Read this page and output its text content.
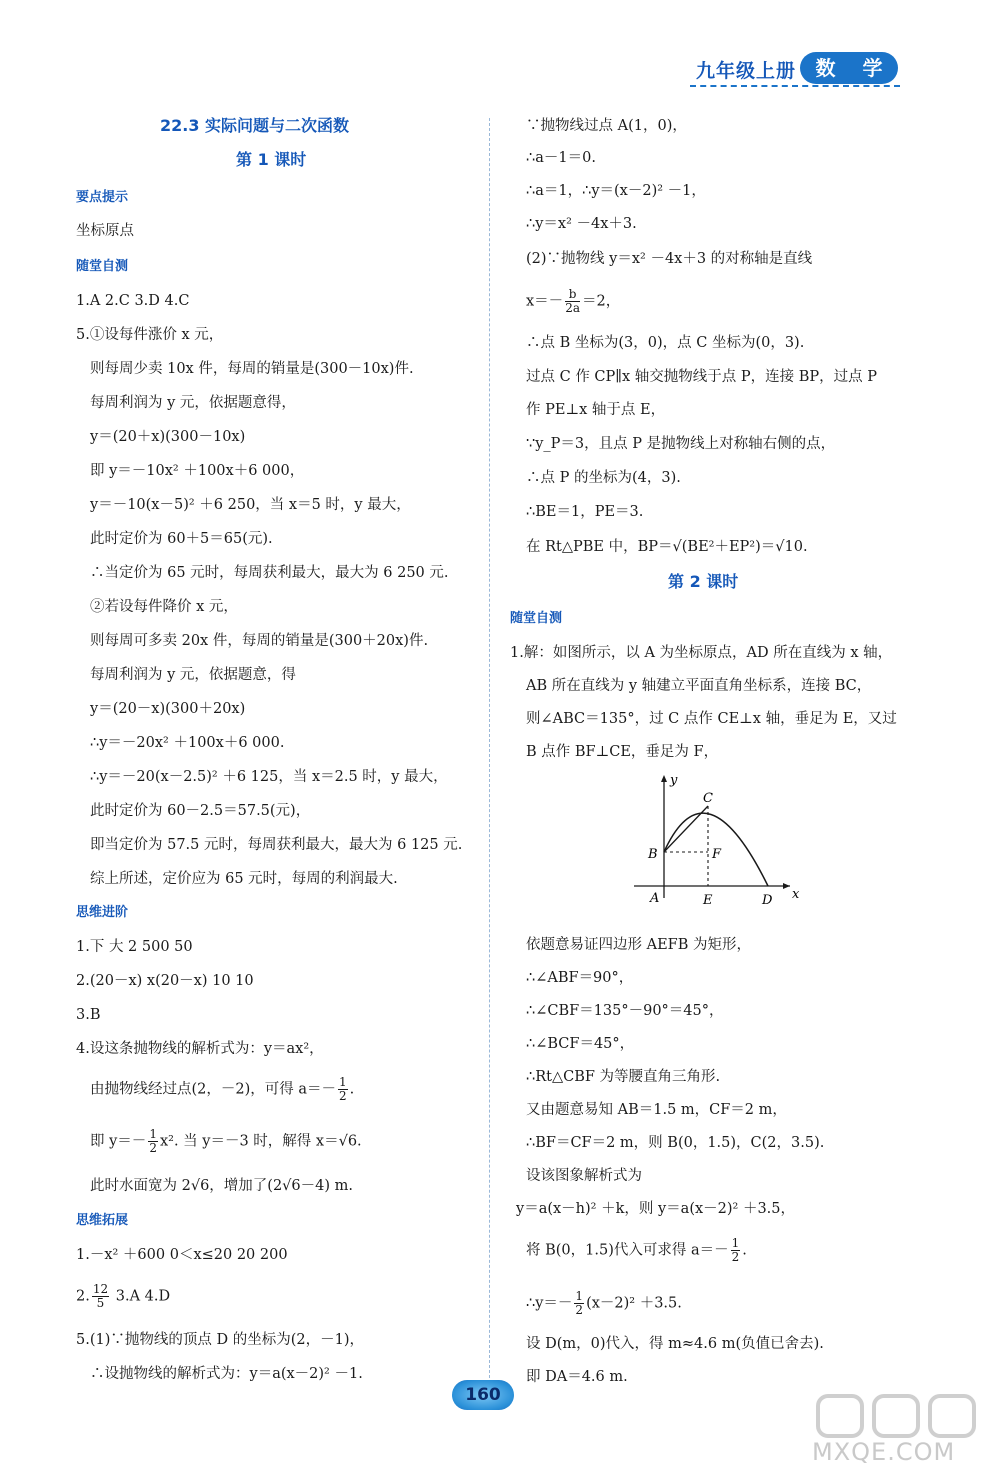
九年级上册 数 学
22.3 实际问题与二次函数
第 1 课时
要点提示
坐标原点
随堂自测
1.A 2.C 3.D 4.C
5.①设每件涨价 x 元，
则每周少卖 10x 件，每周的销量是(300－10x)件.
每周利润为 y 元，依据题意得，
y＝(20＋x)(300－10x)
即 y＝－10x² ＋100x＋6 000，
y＝－10(x－5)² ＋6 250，当 x＝5 时，y 最大，
此时定价为 60＋5＝65(元).
∴当定价为 65 元时，每周获利最大，最大为 6 250 元.
②若设每件降价 x 元，
则每周可多卖 20x 件，每周的销量是(300＋20x)件.
每周利润为 y 元，依据题意，得
y＝(20－x)(300＋20x)
∴y＝－20x² ＋100x＋6 000.
∴y＝－20(x－2.5)² ＋6 125，当 x＝2.5 时，y 最大，
此时定价为 60－2.5＝57.5(元)，
即当定价为 57.5 元时，每周获利最大，最大为 6 125 元.
综上所述，定价应为 65 元时，每周的利润最大.
思维进阶
1.下 大 2 500 50
2.(20－x) x(20－x) 10 10
3.B
4.设这条抛物线的解析式为：y＝ax²，
由抛物线经过点(2，－2)，可得 $a=- \frac{1}{2}$ .
即 $y=- \frac{1}{2} x^2$. 当 y＝－3 时，解得 x＝√6.
此时水面宽为 2√6，增加了(2√6－4) m.
思维拓展
1.－x² ＋600 0＜x≤20 20 200
2. $\frac{12}{5} 3.A$ 4.D
5.(1)∵抛物线的顶点 D 的坐标为(2，－1)，
∴设抛物线的解析式为：y＝a(x－2)² －1.
∵抛物线过点 A(1，0)，
∴a－1＝0.
∴a＝1，∴y＝(x－2)² －1，
∴y＝x² －4x＋3.
(2)∵抛物线 y＝x² －4x＋3 的对称轴是直线
$x=- \frac{b}{2a} =2$，
∴点 B 坐标为(3，0)，点 C 坐标为(0，3).
过点 C 作 CP∥x 轴交抛物线于点 P，连接 BP，过点 P
作 PE⊥x 轴于点 E，
∵y_P＝3，且点 P 是抛物线上对称轴右侧的点，
∴点 P 的坐标为(4，3).
∴BE＝1，PE＝3.
在 Rt△PBE 中，BP＝√(BE²＋EP²)＝√10.
第 2 课时
随堂自测
1.解：如图所示，以 A 为坐标原点，AD 所在直线为 x 轴，
AB 所在直线为 y 轴建立平面直角坐标系，连接 BC，
则∠ABC＝135°，过 C 点作 CE⊥x 轴，垂足为 E，又过
B 点作 BF⊥CE，垂足为 F，
y
x
C
B	F
A	E	D
依题意易证四边形 AEFB 为矩形，
∴∠ABF＝90°，
∴∠CBF＝135°－90°＝45°，
∴∠BCF＝45°，
∴Rt△CBF 为等腰直角三角形.
又由题意易知 AB＝1.5 m，CF＝2 m，
∴BF＝CF＝2 m，则 B(0，1.5)，C(2，3.5).
设该图象解析式为
y＝a(x－h)² ＋k，则 y＝a(x－2)² ＋3.5，
将 B(0，1.5)代入可求得 $a=- \frac{1}{2}$ .
∴y＝－ $\frac{1}{2} (x-2)^2 +3.5$.
设 D(m，0)代入，得 m≈4.6 m(负值已舍去).
即 DA＝4.6 m.
160
MXQE.COM
